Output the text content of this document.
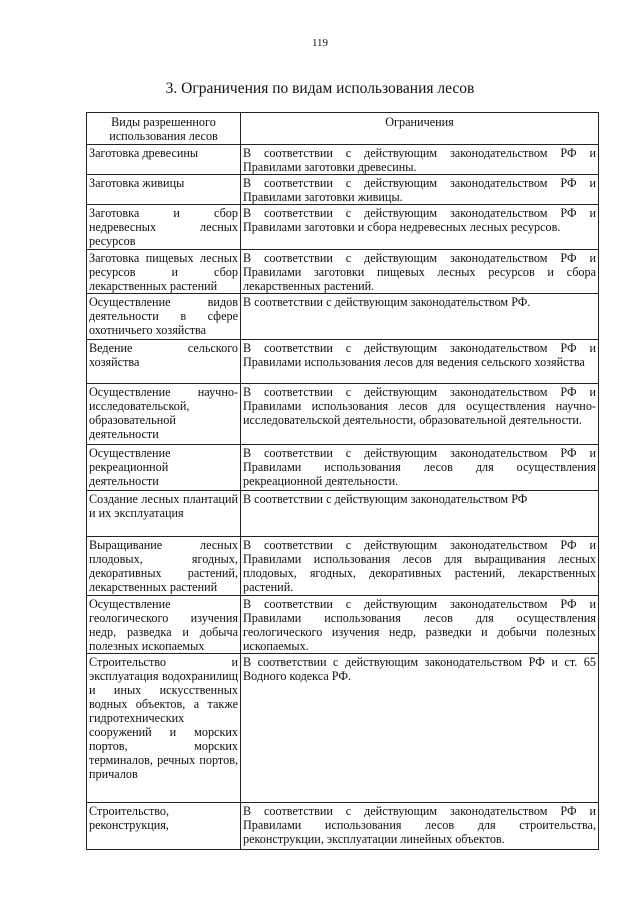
119
3. Ограничения по видам использования лесов
Виды разрешенного использования лесов	Ограничения
Заготовка древесины	В соответствии с действующим законодательством РФ и Правилами заготовки древесины.
Заготовка живицы	В соответствии с действующим законодательством РФ и Правилами заготовки живицы.
Заготовка и сбор недревесных лесных ресурсов	В соответствии с действующим законодательством РФ и Правилами заготовки и сбора недревесных лесных ресурсов.
Заготовка пищевых лесных ресурсов и сбор лекарственных растений	В соответствии с действующим законодательством РФ и Правилами заготовки пищевых лесных ресурсов и сбора лекарственных растений.
Осуществление видов деятельности в сфере охотничьего хозяйства	В соответствии с действующим законодательством РФ.
Ведение сельского хозяйства	В соответствии с действующим законодательством РФ и Правилами использования лесов для ведения сельского хозяйства
Осуществление научно-исследовательской, образовательной деятельности	В соответствии с действующим законодательством РФ и Правилами использования лесов для осуществления научно-исследовательской деятельности, образовательной деятельности.
Осуществление рекреационной деятельности	В соответствии с действующим законодательством РФ и Правилами использования лесов для осуществления рекреационной деятельности.
Создание лесных плантаций и их эксплуатация	В соответствии с действующим законодательством РФ
Выращивание лесных плодовых, ягодных, декоративных растений, лекарственных растений	В соответствии с действующим законодательством РФ и Правилами использования лесов для выращивания лесных плодовых, ягодных, декоративных растений, лекарственных растений.
Осуществление геологического изучения недр, разведка и добыча полезных ископаемых	В соответствии с действующим законодательством РФ и Правилами использования лесов для осуществления геологического изучения недр, разведки и добычи полезных ископаемых.
Строительство и эксплуатация водохранилищ и иных искусственных водных объектов, а также гидротехнических сооружений и морских портов, морских терминалов, речных портов, причалов	В соответствии с действующим законодательством РФ и ст. 65 Водного кодекса РФ.
Строительство, реконструкция,	В соответствии с действующим законодательством РФ и Правилами использования лесов для строительства, реконструкции, эксплуатации линейных объектов.
